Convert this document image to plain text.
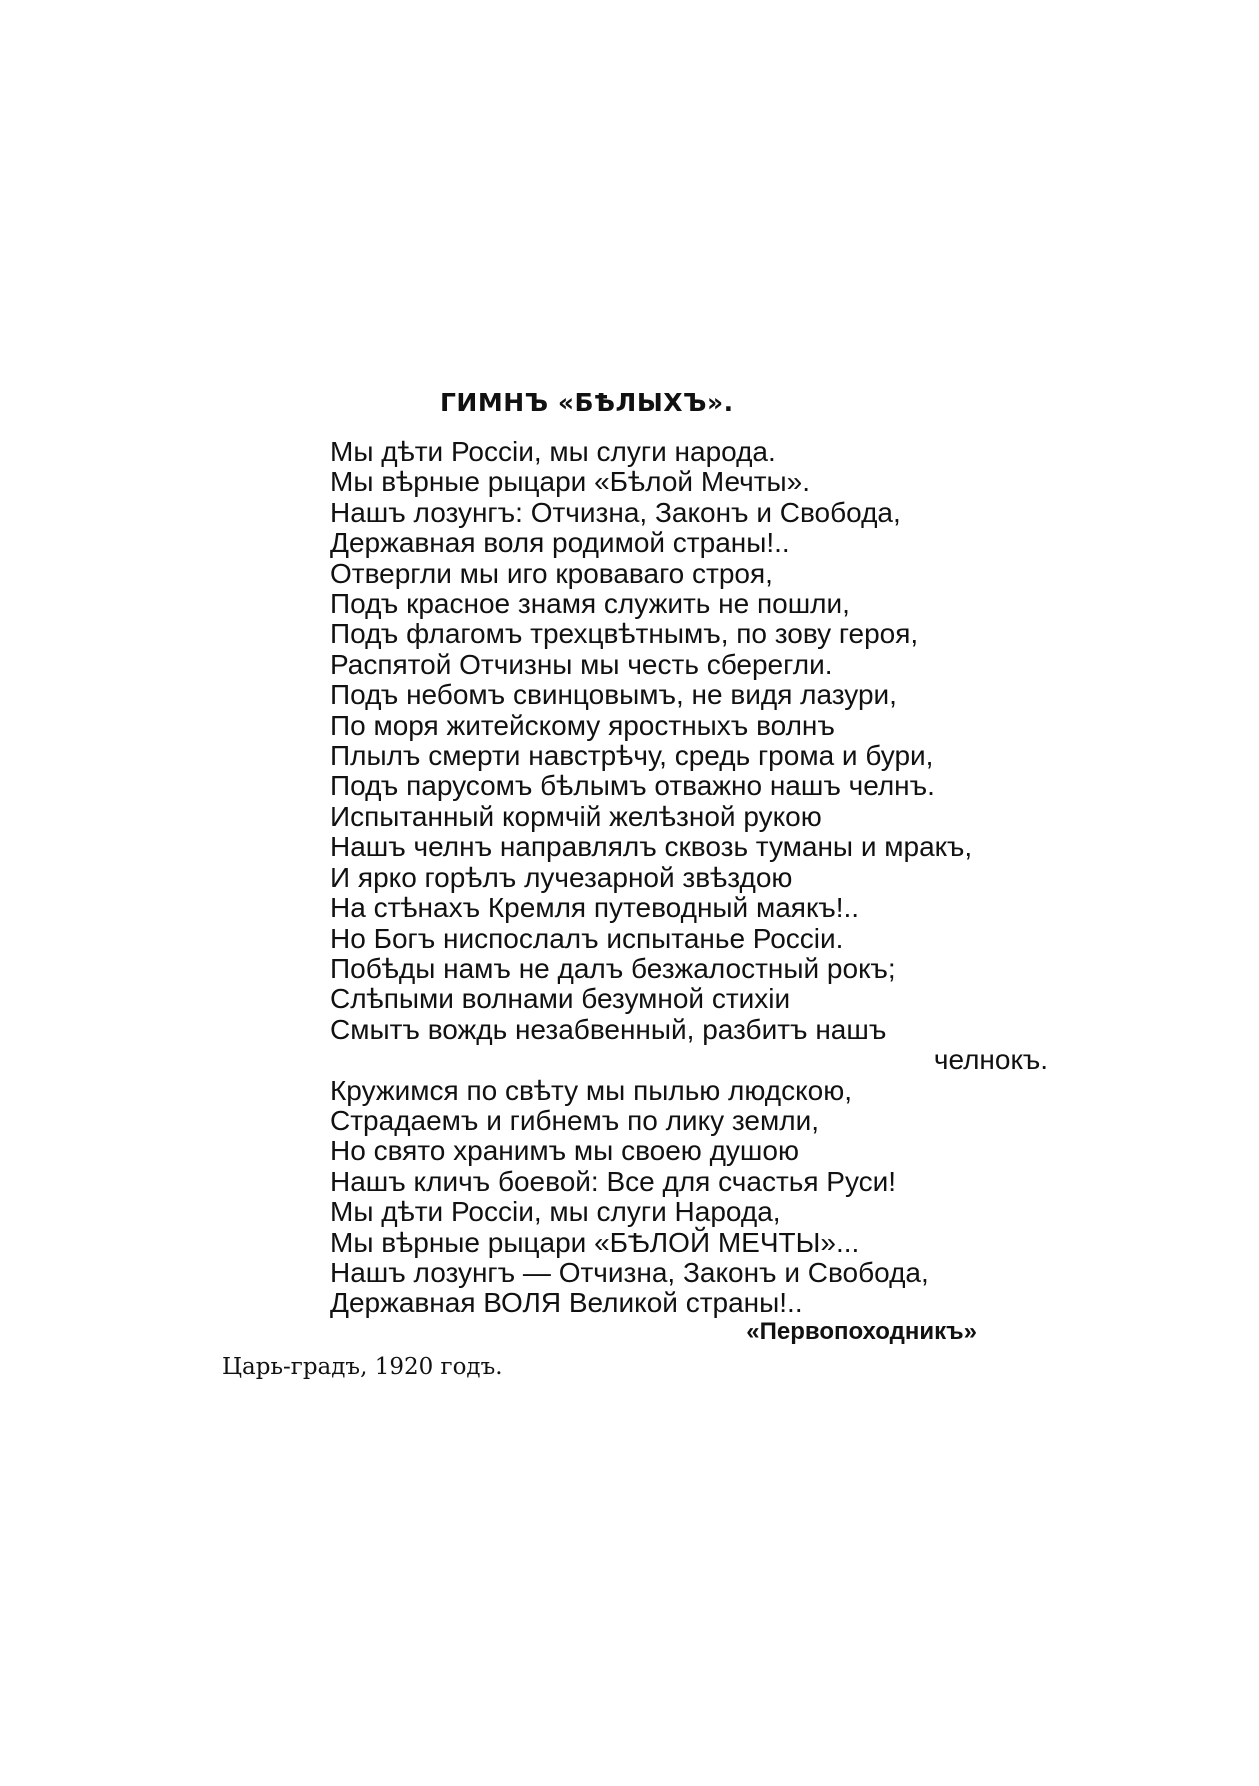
ГИМНЪ «БѢЛЫХЪ».
Мы дѣти Россiи, мы слуги народа.
Мы вѣрные рыцари «Бѣлой Мечты».
Нашъ лозунгъ: Отчизна, Законъ и Свобода,
Державная воля родимой страны!..
Отвергли мы иго кроваваго строя,
Подъ красное знамя служить не пошли,
Подъ флагомъ трехцвѣтнымъ, по зову героя,
Распятой Отчизны мы честь сберегли.
Подъ небомъ свинцовымъ, не видя лазури,
По моря житейскому яростныхъ волнъ
Плылъ смерти навстрѣчу, средь грома и бури,
Подъ парусомъ бѣлымъ отважно нашъ челнъ.
Испытанный кормчiй желѣзной рукою
Нашъ челнъ направлялъ сквозь туманы и мракъ,
И ярко горѣлъ лучезарной звѣздою
На стѣнахъ Кремля путеводный маякъ!..
Но Богъ ниспослалъ испытанье Россiи.
Побѣды намъ не далъ безжалостный рокъ;
Слѣпыми волнами безумной стихiи
Смытъ вождь незабвенный, разбитъ нашъ
челнокъ.
Кружимся по свѣту мы пылью людскою,
Страдаемъ и гибнемъ по лику земли,
Но свято хранимъ мы своею душою
Нашъ кличъ боевой: Все для счастья Руси!
Мы дѣти Россiи, мы слуги Народа,
Мы вѣрные рыцари «БѢЛОЙ МЕЧТЫ»...
Нашъ лозунгъ — Отчизна, Законъ и Свобода,
Державная ВОЛЯ Великой страны!..

«Первопоходникъ»

Царь-градъ, 1920 годъ.
